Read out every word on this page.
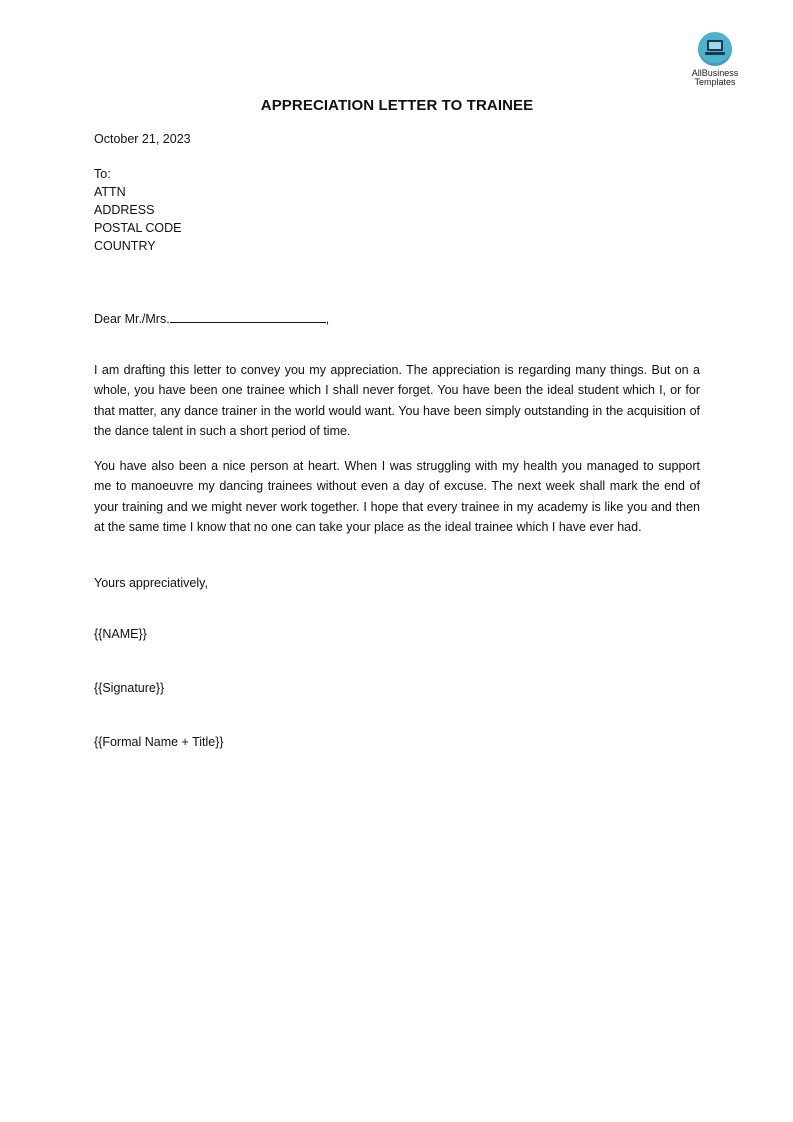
AllBusiness
Templates
APPRECIATION LETTER TO TRAINEE
October 21, 2023
To:
ATTN
ADDRESS
POSTAL CODE
COUNTRY
Dear Mr./Mrs.	,

I am drafting this letter to convey you my appreciation. The appreciation is regarding many things. But on a whole, you have been one trainee which I shall never forget. You have been the ideal student which I, or for that matter, any dance trainer in the world would want. You have been simply outstanding in the acquisition of the dance talent in such a short period of time.

You have also been a nice person at heart. When I was struggling with my health you managed to support me to manoeuvre my dancing trainees without even a day of excuse. The next week shall mark the end of your training and we might never work together. I hope that every trainee in my academy is like you and then at the same time I know that no one can take your place as the ideal trainee which I have ever had.

Yours appreciatively,
{{NAME}}
{{Signature}}
{{Formal Name + Title}}
